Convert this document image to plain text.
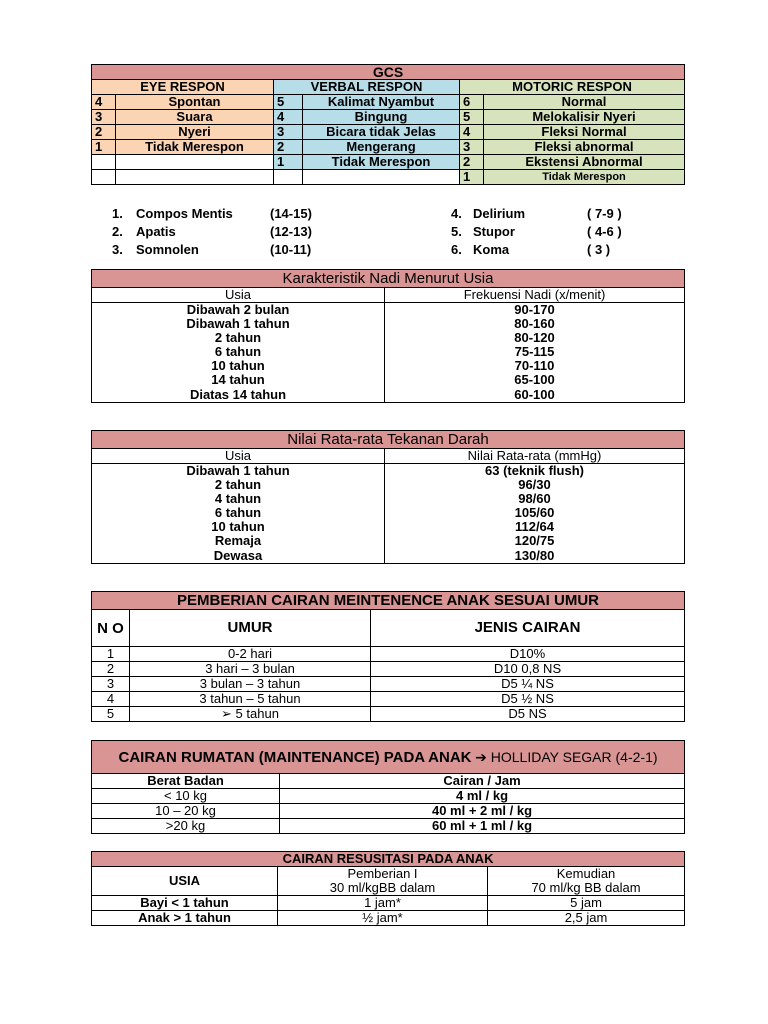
GCS					
EYE RESPON		VERBAL RESPON		MOTORIC RESPON	
4	Spontan	5	Kalimat Nyambut	6	Normal
3	Suara	4	Bingung	5	Melokalisir Nyeri
2	Nyeri	3	Bicara tidak Jelas	4	Fleksi Normal
1	Tidak Merespon	2	Mengerang	3	Fleksi abnormal
		1	Tidak Merespon	2	Ekstensi Abnormal
				1	Tidak Merespon
1. Compos Mentis	(14-15)
2. Apatis	(12-13)
3. Somnolen	(10-11)
4. Delirium	( 7-9 )
5. Stupor	( 4-6 )
6. Koma	( 3 )
Karakteristik Nadi Menurut Usia	
Usia	Frekuensi Nadi (x/menit)
Dibawah 2 bulan	90-170
Dibawah 1 tahun	80-160
2 tahun	80-120
6 tahun	75-115
10 tahun	70-110
14 tahun	65-100
Diatas 14 tahun	60-100
Nilai Rata-rata Tekanan Darah	
Usia	Nilai Rata-rata (mmHg)
Dibawah 1 tahun	63 (teknik flush)
2 tahun	96/30
4 tahun	98/60
6 tahun	105/60
10 tahun	112/64
Remaja	120/75
Dewasa	130/80
PEMBERIAN CAIRAN MEINTENENCE ANAK SESUAI UMUR		
N O	UMUR	JENIS CAIRAN
1	0-2 hari	D10%
2	3 hari – 3 bulan	D10 0,8 NS
3	3 bulan – 3 tahun	D5 ¼ NS
4	3 tahun – 5 tahun	D5 ½ NS
5	➢ 5 tahun	D5 NS
CAIRAN RUMATAN (MAINTENANCE) PADA ANAK ➔ HOLLIDAY SEGAR (4-2-1)	
Berat Badan	Cairan / Jam
< 10 kg	4 ml / kg
10 – 20 kg	40 ml + 2 ml / kg
>20 kg	60 ml + 1 ml / kg
CAIRAN RESUSITASI PADA ANAK		
USIA	Pemberian I	Kemudian
	30 ml/kgBB dalam	70 ml/kg BB dalam
Bayi < 1 tahun	1 jam*	5 jam
Anak > 1 tahun	½ jam*	2,5 jam
